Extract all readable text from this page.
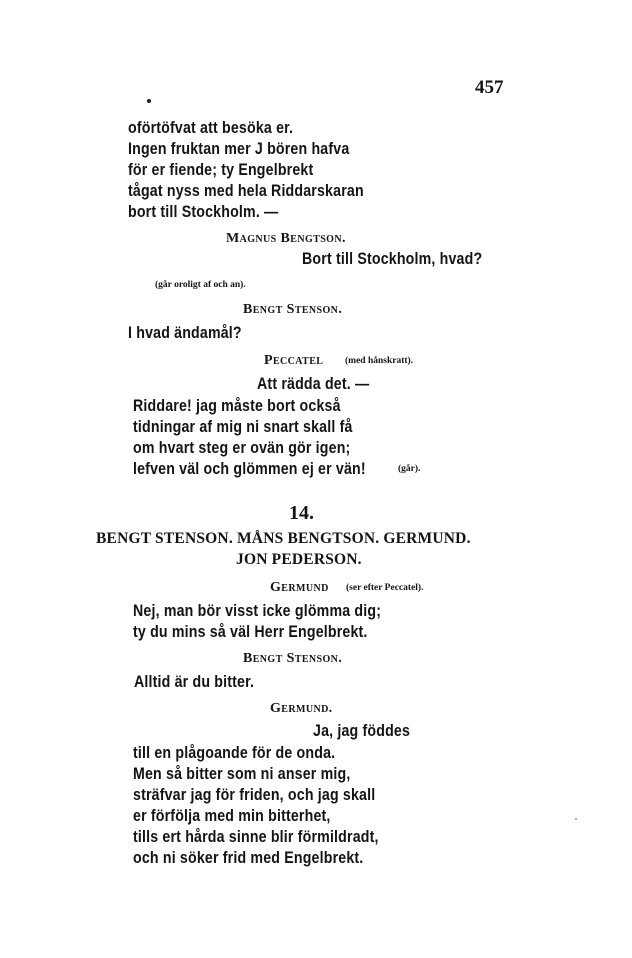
457
oförtöfvat att besöka er.
Ingen fruktan mer J bören hafva
för er fiende; ty Engelbrekt
tågat nyss med hela Riddarskaran
bort till Stockholm. —
Magnus Bengtson.
Bort till Stockholm, hvad?
(går oroligt af och an).
Bengt Stenson.
I hvad ändamål?
Peccatel (med hånskratt).
Att rädda det. —
Riddare! jag måste bort också
tidningar af mig ni snart skall få
om hvart steg er ovän gör igen;
lefven väl och glömmen ej er vän!	(går).
14.
BENGT STENSON. MÅNS BENGTSON. GERMUND.
JON PEDERSON.
Germund (ser efter Peccatel).
Nej, man bör visst icke glömma dig;
ty du mins så väl Herr Engelbrekt.
Bengt Stenson.
Alltid är du bitter.
Germund.
Ja, jag föddes
till en plågoande för de onda.
Men så bitter som ni anser mig,
sträfvar jag för friden, och jag skall
er förfölja med min bitterhet,
tills ert hårda sinne blir förmildradt,
och ni söker frid med Engelbrekt.
